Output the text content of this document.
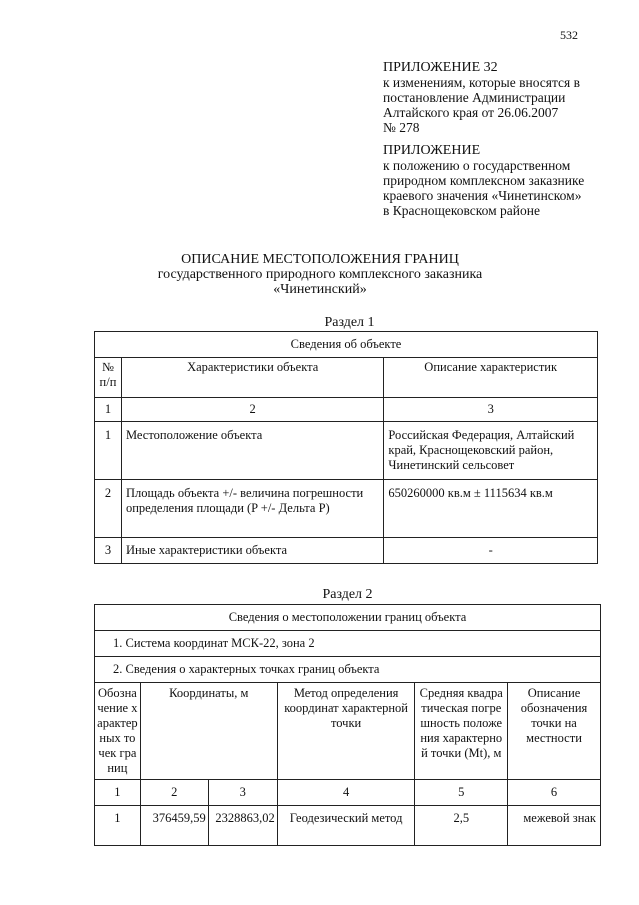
532
ПРИЛОЖЕНИЕ 32
к изменениям, которые вносятся в
постановление Администрации
Алтайского края от 26.06.2007
№ 278
ПРИЛОЖЕНИЕ
к положению о государственном
природном комплексном заказнике
краевого значения «Чинетинском»
в Краснощековском районе
ОПИСАНИЕ МЕСТОПОЛОЖЕНИЯ ГРАНИЦ
государственного природного комплексного заказника
«Чинетинский»
Раздел 1
Сведения об объекте		
№ п/п	Характеристики объекта	Описание характеристик
1	2	3
1	Местоположение объекта	Российская Федерация, Алтайский край, Краснощековский район, Чинетинский сельсовет
2	Площадь объекта +/- величина погрешности определения площади (P +/- Дельта P)	650260000 кв.м ± 1115634 кв.м
3	Иные характеристики объекта	-
Раздел 2
Сведения о местоположении границ объекта					
1. Система координат МСК-22, зона 2					
2. Сведения о характерных точках границ объекта					
Обозначение характерных точек границ	Координаты, м		Метод определения координат характерной точки	Средняя квадратическая погрешность положения характерной точки (Mt), м	Описание обозначения точки на местности
1	2	3	4	5	6
1	376459,59	2328863,02	Геодезический метод	2,5	межевой знак
